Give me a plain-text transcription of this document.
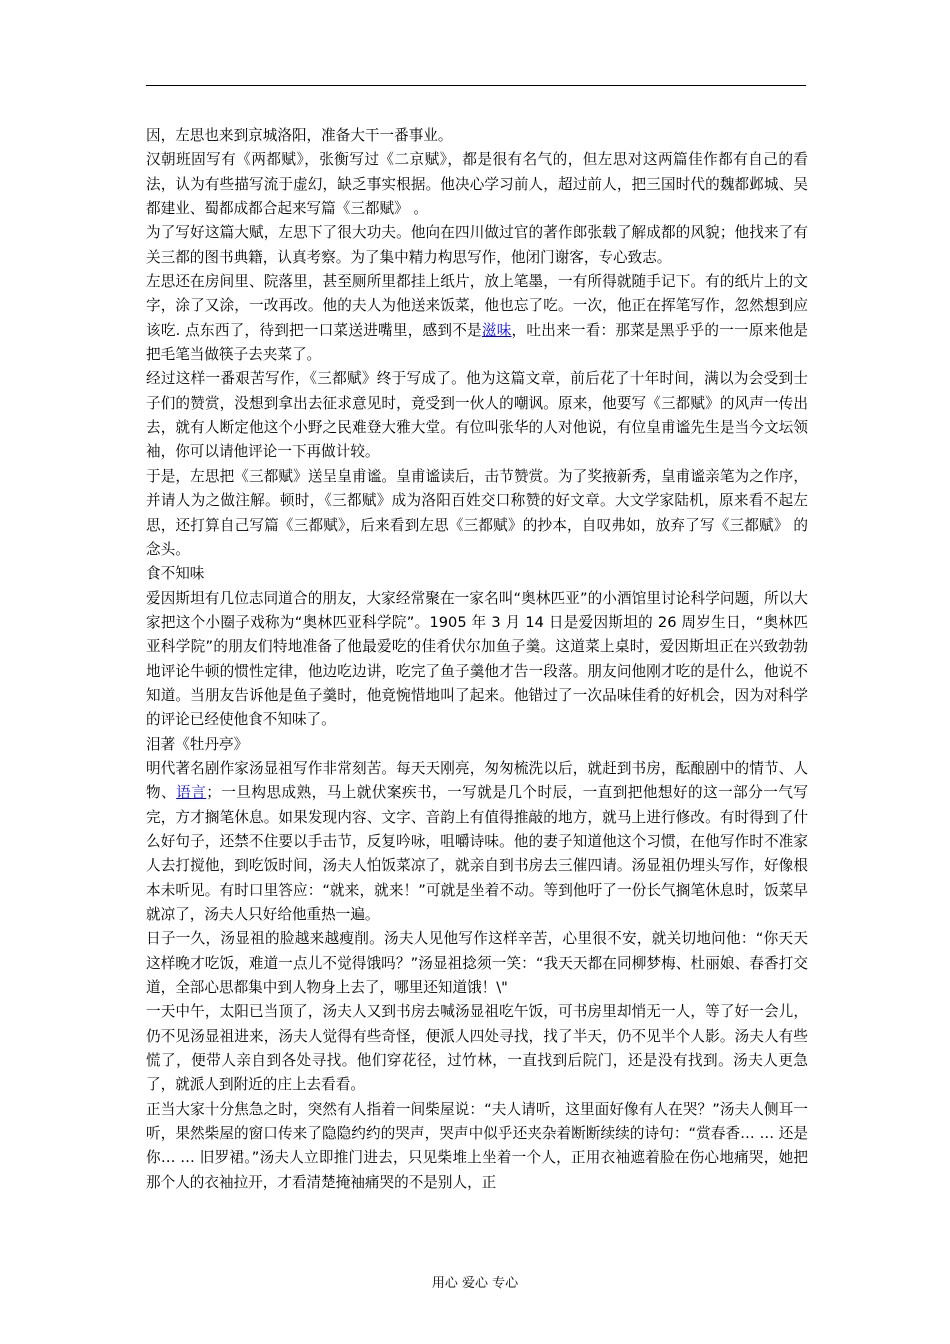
因，左思也来到京城洛阳，准备大干一番事业。

汉朝班固写有《两都赋》，张衡写过《二京赋》，都是很有名气的，但左思对这两篇佳作都有自己的看法，认为有些描写流于虚幻，缺乏事实根据。他决心学习前人，超过前人，把三国时代的魏都邺城、吴都建业、蜀都成都合起来写篇《三都赋》 。

为了写好这篇大赋，左思下了很大功夫。他向在四川做过官的著作郎张载了解成都的风貌；他找来了有关三都的图书典籍，认真考察。为了集中精力构思写作，他闭门谢客，专心致志。

左思还在房间里、院落里，甚至厕所里都挂上纸片，放上笔墨，一有所得就随手记下。有的纸片上的文字，涂了又涂，一改再改。他的夫人为他送来饭菜，他也忘了吃。一次，他正在挥笔写作，忽然想到应该吃. 点东西了，待到把一口菜送进嘴里，感到不是滋味，吐出来一看：那菜是黑乎乎的一一原来他是把毛笔当做筷子去夹菜了。

经过这样一番艰苦写作，《三都赋》终于写成了。他为这篇文章，前后花了十年时间，满以为会受到士子们的赞赏，没想到拿出去征求意见时，竟受到一伙人的嘲讽。原来，他要写《三都赋》的风声一传出去，就有人断定他这个小野之民难登大雅大堂。有位叫张华的人对他说，有位皇甫谧先生是当今文坛领袖，你可以请他评论一下再做计较。

于是，左思把《三都赋》送呈皇甫谧。皇甫谧读后，击节赞赏。为了奖掖新秀，皇甫谧亲笔为之作序，并请人为之做注解。顿时，《三都赋》成为洛阳百姓交口称赞的好文章。大文学家陆机，原来看不起左思，还打算自己写篇《三都赋》，后来看到左思《三都赋》的抄本，自叹弗如，放弃了写《三都赋》 的念头。

食不知味

爱因斯坦有几位志同道合的朋友，大家经常聚在一家名叫“奥林匹亚”的小酒馆里讨论科学问题，所以大家把这个小圈子戏称为“奥林匹亚科学院”。1905 年 3 月 14 日是爱因斯坦的 26 周岁生日，“奥林匹亚科学院”的朋友们特地准备了他最爱吃的佳肴伏尔加鱼子羹。这道菜上桌时，爱因斯坦正在兴致勃勃地评论牛顿的惯性定律，他边吃边讲，吃完了鱼子羹他才告一段落。朋友问他刚才吃的是什么，他说不知道。当朋友告诉他是鱼子羹时，他竟惋惜地叫了起来。他错过了一次品味佳肴的好机会，因为对科学的评论已经使他食不知味了。

泪著《牡丹亭》

明代著名剧作家汤显祖写作非常刻苦。每天天刚亮，匆匆梳洗以后，就赶到书房，酝酿剧中的情节、人物、语言；一旦构思成熟，马上就伏案疾书，一写就是几个时辰，一直到把他想好的这一部分一气写完，方才搁笔休息。如果发现内容、文字、音韵上有值得推敲的地方，就马上进行修改。有时得到了什么好句子，还禁不住要以手击节，反复吟咏，咀嚼诗味。他的妻子知道他这个习惯，在他写作时不准家人去打搅他，到吃饭时间，汤夫人怕饭菜凉了，就亲自到书房去三催四请。汤显祖仍埋头写作，好像根本未听见。有时口里答应：“就来，就来！”可就是坐着不动。等到他吁了一份长气搁笔休息时，饭菜早就凉了，汤夫人只好给他重热一遍。

日子一久，汤显祖的脸越来越瘦削。汤夫人见他写作这样辛苦，心里很不安，就关切地问他：“你天天这样晚才吃饭，难道一点儿不觉得饿吗？”汤显祖捻须一笑：“我天天都在同柳梦梅、杜丽娘、春香打交道，全部心思都集中到人物身上去了，哪里还知道饿！\"

一天中午，太阳已当顶了，汤夫人又到书房去喊汤显祖吃午饭，可书房里却悄无一人，等了好一会儿，仍不见汤显祖进来，汤夫人觉得有些奇怪，便派人四处寻找，找了半天，仍不见半个人影。汤夫人有些慌了，便带人亲自到各处寻找。他们穿花径，过竹林，一直找到后院门，还是没有找到。汤夫人更急了，就派人到附近的庄上去看看。

正当大家十分焦急之时，突然有人指着一间柴屋说：“夫人请听，这里面好像有人在哭？”汤夫人侧耳一听，果然柴屋的窗口传来了隐隐约约的哭声，哭声中似乎还夹杂着断断续续的诗句：“赏春香… … 还是你… … 旧罗裙。”汤夫人立即推门进去，只见柴堆上坐着一个人，正用衣袖遮着脸在伤心地痛哭，她把那个人的衣袖拉开，才看清楚掩袖痛哭的不是别人，正

用心 爱心 专心
